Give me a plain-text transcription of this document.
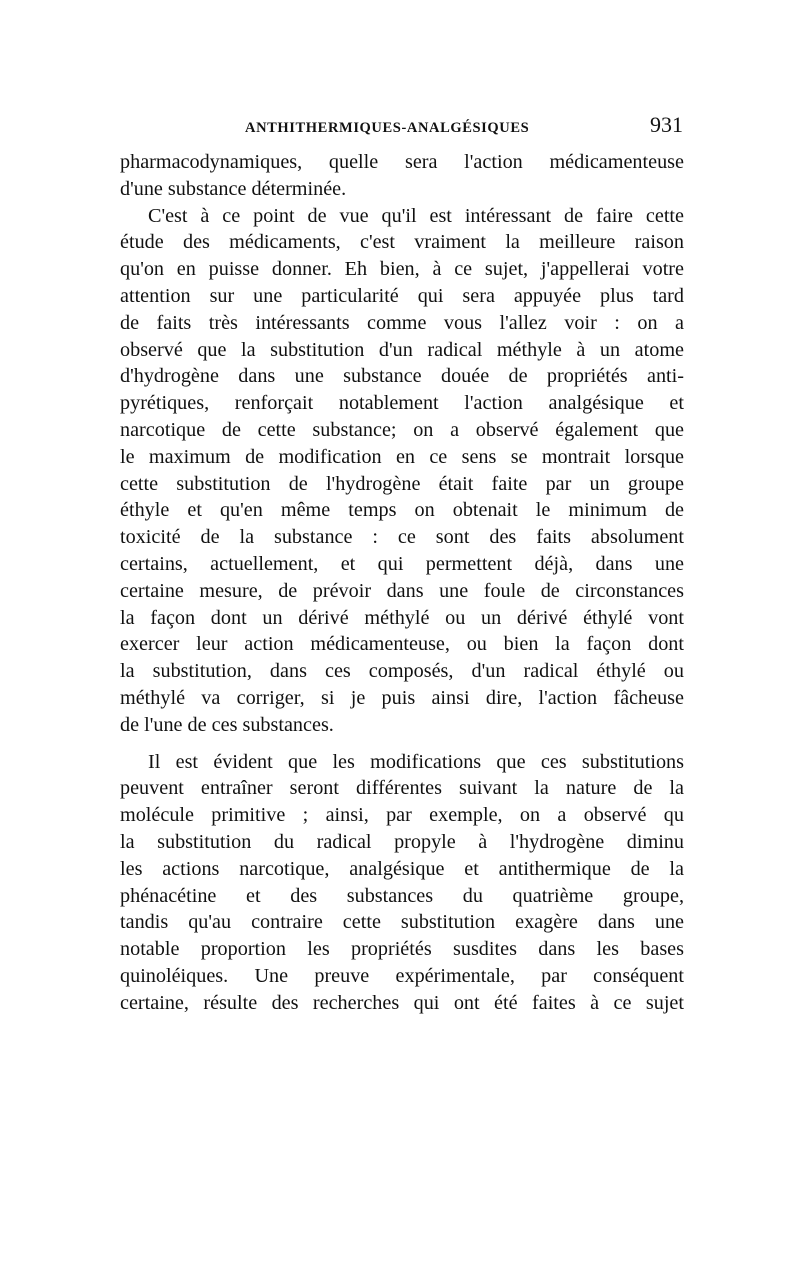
ANTHITHERMIQUES-ANALGÉSIQUES	931
pharmacodynamiques, quelle sera l'action médicamenteuse
d'une substance déterminée.
C'est à ce point de vue qu'il est intéressant de faire cette
étude des médicaments, c'est vraiment la meilleure raison
qu'on en puisse donner. Eh bien, à ce sujet, j'appellerai votre
attention sur une particularité qui sera appuyée plus tard
de faits très intéressants comme vous l'allez voir : on a
observé que la substitution d'un radical méthyle à un atome
d'hydrogène dans une substance douée de propriétés anti-
pyrétiques, renforçait notablement l'action analgésique et
narcotique de cette substance; on a observé également que
le maximum de modification en ce sens se montrait lorsque
cette substitution de l'hydrogène était faite par un groupe
éthyle et qu'en même temps on obtenait le minimum de
toxicité de la substance : ce sont des faits absolument
certains, actuellement, et qui permettent déjà, dans une
certaine mesure, de prévoir dans une foule de circonstances
la façon dont un dérivé méthylé ou un dérivé éthylé vont
exercer leur action médicamenteuse, ou bien la façon dont
la substitution, dans ces composés, d'un radical éthylé ou
méthylé va corriger, si je puis ainsi dire, l'action fâcheuse
de l'une de ces substances.
Il est évident que les modifications que ces substitutions
peuvent entraîner seront différentes suivant la nature de la
molécule primitive ; ainsi, par exemple, on a observé qu
la substitution du radical propyle à l'hydrogène diminu
les actions narcotique, analgésique et antithermique de la
phénacétine et des substances du quatrième groupe,
tandis qu'au contraire cette substitution exagère dans une
notable proportion les propriétés susdites dans les bases
quinoléiques. Une preuve expérimentale, par conséquent
certaine, résulte des recherches qui ont été faites à ce sujet
